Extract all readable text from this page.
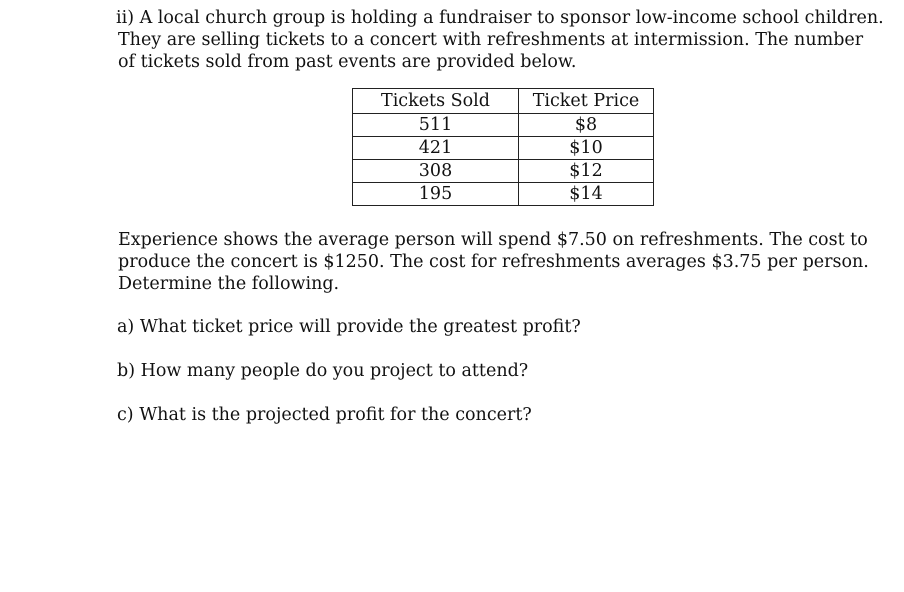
ii) A local church group is holding a fundraiser to sponsor low-income school children.
They are selling tickets to a concert with refreshments at intermission. The number
of tickets sold from past events are provided below.

Tickets Sold	Ticket Price
511	$8
421	$10
308	$12
195	$14

Experience shows the average person will spend $7.50 on refreshments. The cost to
produce the concert is $1250. The cost for refreshments averages $3.75 per person.
Determine the following.

a) What ticket price will provide the greatest profit?
b) How many people do you project to attend?
c) What is the projected profit for the concert?
